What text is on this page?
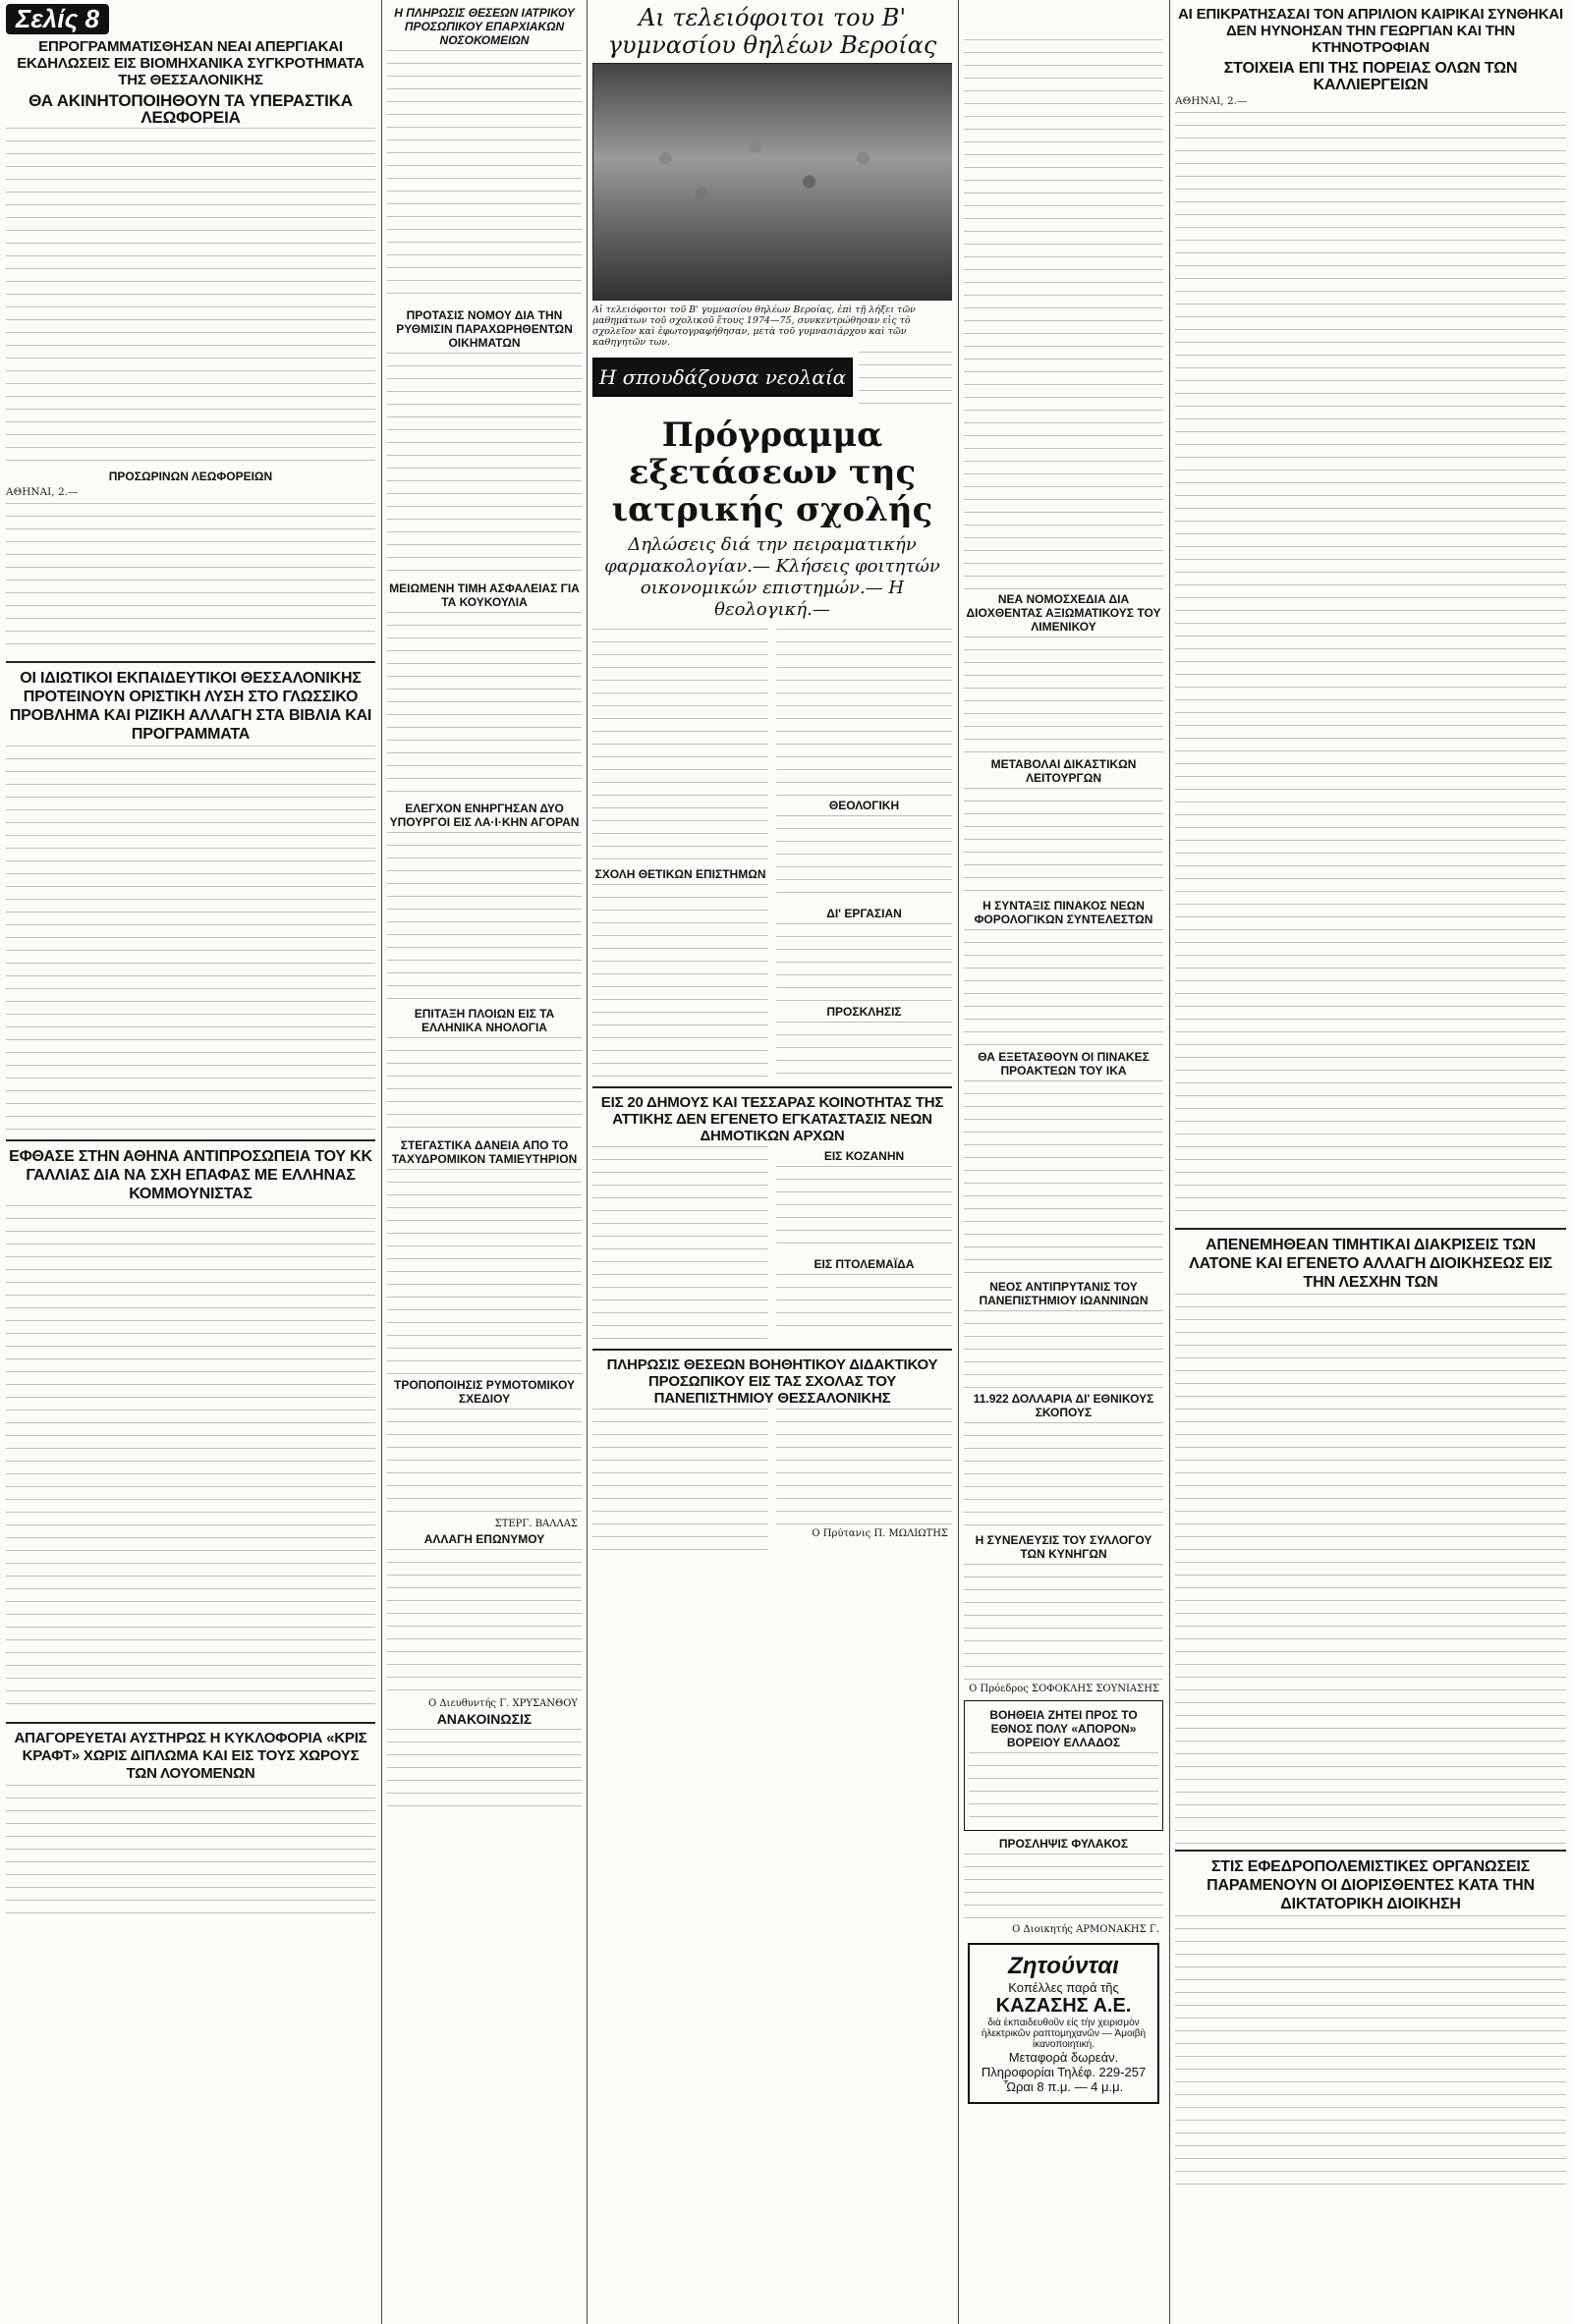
Σελίς 8
ΕΠΡΟΓΡΑΜΜΑΤΙΣΘΗΣΑΝ ΝΕΑΙ ΑΠΕΡΓΙΑΚΑΙ ΕΚΔΗΛΩΣΕΙΣ ΕΙΣ ΒΙΟΜΗΧΑΝΙΚΑ ΣΥΓΚΡΟΤΗΜΑΤΑ ΤΗΣ ΘΕΣΣΑΛΟΝΙΚΗΣ
ΘΑ ΑΚΙΝΗΤΟΠΟΙΗΘΟΥΝ ΤΑ ΥΠΕΡΑΣΤΙΚΑ ΛΕΩΦΟΡΕΙΑ
ΠΡΟΣΩΡΙΝΩΝ ΛΕΩΦΟΡΕΙΩΝ
ΑΘΗΝΑΙ, 2.—
ΟΙ ΙΔΙΩΤΙΚΟΙ ΕΚΠΑΙΔΕΥΤΙΚΟΙ ΘΕΣΣΑΛΟΝΙΚΗΣ ΠΡΟΤΕΙΝΟΥΝ ΟΡΙΣΤΙΚΗ ΛΥΣΗ ΣΤΟ ΓΛΩΣΣΙΚΟ ΠΡΟΒΛΗΜΑ ΚΑΙ ΡΙΖΙΚΗ ΑΛΛΑΓΗ ΣΤΑ ΒΙΒΛΙΑ ΚΑΙ ΠΡΟΓΡΑΜΜΑΤΑ
ΕΦΘΑΣΕ ΣΤΗΝ ΑΘΗΝΑ ΑΝΤΙΠΡΟΣΩΠΕΙΑ ΤΟΥ ΚΚ ΓΑΛΛΙΑΣ ΔΙΑ ΝΑ ΣΧΗ ΕΠΑΦΑΣ ΜΕ ΕΛΛΗΝΑΣ ΚΟΜΜΟΥΝΙΣΤΑΣ
ΑΠΑΓΟΡΕΥΕΤΑΙ ΑΥΣΤΗΡΩΣ Η ΚΥΚΛΟΦΟΡΙΑ «ΚΡΙΣ ΚΡΑΦΤ» ΧΩΡΙΣ ΔΙΠΛΩΜΑ ΚΑΙ ΕΙΣ ΤΟΥΣ ΧΩΡΟΥΣ ΤΩΝ ΛΟΥΟΜΕΝΩΝ
Η ΠΛΗΡΩΣΙΣ ΘΕΣΕΩΝ ΙΑΤΡΙΚΟΥ ΠΡΟΣΩΠΙΚΟΥ ΕΠΑΡΧΙΑΚΩΝ ΝΟΣΟΚΟΜΕΙΩΝ
ΠΡΟΤΑΣΙΣ ΝΟΜΟΥ ΔΙΑ ΤΗΝ ΡΥΘΜΙΣΙΝ ΠΑΡΑΧΩΡΗΘΕΝΤΩΝ ΟΙΚΗΜΑΤΩΝ
ΜΕΙΩΜΕΝΗ ΤΙΜΗ ΑΣΦΑΛΕΙΑΣ ΓΙΑ ΤΑ ΚΟΥΚΟΥΛΙΑ
ΕΛΕΓΧΟΝ ΕΝΗΡΓΗΣΑΝ ΔΥΟ ΥΠΟΥΡΓΟΙ ΕΙΣ ΛΑ·Ι·ΚΗΝ ΑΓΟΡΑΝ
ΕΠΙΤΑΞΗ ΠΛΟΙΩΝ ΕΙΣ ΤΑ ΕΛΛΗΝΙΚΑ ΝΗΟΛΟΓΙΑ
ΣΤΕΓΑΣΤΙΚΑ ΔΑΝΕΙΑ ΑΠΟ ΤΟ ΤΑΧΥΔΡΟΜΙΚΟΝ ΤΑΜΙΕΥΤΗΡΙΟΝ
ΤΡΟΠΟΠΟΙΗΣΙΣ ΡΥΜΟΤΟΜΙΚΟΥ ΣΧΕΔΙΟΥ
ΣΤΕΡΓ. ΒΑΛΛΑΣ
ΑΛΛΑΓΗ ΕΠΩΝΥΜΟΥ
Ο Διευθυντής Γ. ΧΡΥΣΑΝΘΟΥ
ΑΝΑΚΟΙΝΩΣΙΣ
Αι τελειόφοιτοι του Β' γυμνασίου θηλέων Βεροίας
Αἱ τελειόφοιτοι τοῦ Β' γυμνασίου θηλέων Βεροίας, ἐπὶ τῇ λήξει τῶν μαθημάτων τοῦ σχολικοῦ ἔτους 1974—75, συνκεντρώθησαν εἰς τὸ σχολεῖον καὶ ἐφωτογραφήθησαν, μετὰ τοῦ γυμνασιάρχου καὶ τῶν καθηγητῶν των.
Η σπουδάζουσα νεολαία
Πρόγραμμα εξετάσεων της ιατρικής σχολής
Δηλώσεις διά την πειραματικήν φαρμακολογίαν.— Κλήσεις φοιτητών οικονομικών επιστημών.— Η θεολογική.—
ΣΧΟΛΗ ΘΕΤΙΚΩΝ ΕΠΙΣΤΗΜΩΝ
ΘΕΟΛΟΓΙΚΗ
ΔΙ' ΕΡΓΑΣΙΑΝ
ΠΡΟΣΚΛΗΣΙΣ
ΕΙΣ 20 ΔΗΜΟΥΣ ΚΑΙ ΤΕΣΣΑΡΑΣ ΚΟΙΝΟΤΗΤΑΣ ΤΗΣ ΑΤΤΙΚΗΣ ΔΕΝ ΕΓΕΝΕΤΟ ΕΓΚΑΤΑΣΤΑΣΙΣ ΝΕΩΝ ΔΗΜΟΤΙΚΩΝ ΑΡΧΩΝ
ΕΙΣ ΚΟΖΑΝΗΝ
ΕΙΣ ΠΤΟΛΕΜΑΪΔΑ
ΠΛΗΡΩΣΙΣ ΘΕΣΕΩΝ ΒΟΗΘΗΤΙΚΟΥ ΔΙΔΑΚΤΙΚΟΥ ΠΡΟΣΩΠΙΚΟΥ ΕΙΣ ΤΑΣ ΣΧΟΛΑΣ ΤΟΥ ΠΑΝΕΠΙΣΤΗΜΙΟΥ ΘΕΣΣΑΛΟΝΙΚΗΣ
Ο Πρύτανις Π. ΜΩΛΙΩΤΗΣ
ΝΕΑ ΝΟΜΟΣΧΕΔΙΑ ΔΙΑ ΔΙΟΧΘΕΝΤΑΣ ΑΞΙΩΜΑΤΙΚΟΥΣ ΤΟΥ ΛΙΜΕΝΙΚΟΥ
ΜΕΤΑΒΟΛΑΙ ΔΙΚΑΣΤΙΚΩΝ ΛΕΙΤΟΥΡΓΩΝ
Η ΣΥΝΤΑΞΙΣ ΠΙΝΑΚΟΣ ΝΕΩΝ ΦΟΡΟΛΟΓΙΚΩΝ ΣΥΝΤΕΛΕΣΤΩΝ
ΘΑ ΕΞΕΤΑΣΘΟΥΝ ΟΙ ΠΙΝΑΚΕΣ ΠΡΟΑΚΤΕΩΝ ΤΟΥ ΙΚΑ
ΝΕΟΣ ΑΝΤΙΠΡΥΤΑΝΙΣ ΤΟΥ ΠΑΝΕΠΙΣΤΗΜΙΟΥ ΙΩΑΝΝΙΝΩΝ
11.922 ΔΟΛΛΑΡΙΑ ΔΙ' ΕΘΝΙΚΟΥΣ ΣΚΟΠΟΥΣ
Η ΣΥΝΕΛΕΥΣΙΣ ΤΟΥ ΣΥΛΛΟΓΟΥ ΤΩΝ ΚΥΝΗΓΩΝ
Ο Πρόεδρος ΣΟΦΟΚΛΗΣ ΣΟΥΝΙΑΣΗΣ
ΒΟΗΘΕΙΑ ΖΗΤΕΙ ΠΡΟΣ ΤΟ ΕΘΝΟΣ ΠΟΛΥ «ΑΠΟΡΟΝ» ΒΟΡΕΙΟΥ ΕΛΛΑΔΟΣ
ΠΡΟΣΛΗΨΙΣ ΦΥΛΑΚΟΣ
Ο Διοικητής ΑΡΜΟΝΑΚΗΣ Γ.
Ζητούνται
Κοπέλλες παρά τῆς
ΚΑΖΑΣΗΣ Α.Ε.
διὰ ἐκπαιδευθοῦν εἰς τὴν χειρισμὸν ἠλεκτρικῶν ραπτομηχανῶν — Ἀμοιβὴ ἱκανοποιητική.
Μεταφορὰ δωρεάν.
Πληροφορίαι Τηλέφ. 229-257
Ὧραι 8 π.μ. — 4 μ.μ.
ΑΙ ΕΠΙΚΡΑΤΗΣΑΣΑΙ ΤΟΝ ΑΠΡΙΛΙΟΝ ΚΑΙΡΙΚΑΙ ΣΥΝΘΗΚΑΙ ΔΕΝ ΗΥΝΟΗΣΑΝ ΤΗΝ ΓΕΩΡΓΙΑΝ ΚΑΙ ΤΗΝ ΚΤΗΝΟΤΡΟΦΙΑΝ
ΣΤΟΙΧΕΙΑ ΕΠΙ ΤΗΣ ΠΟΡΕΙΑΣ ΟΛΩΝ ΤΩΝ ΚΑΛΛΙΕΡΓΕΙΩΝ
ΑΘΗΝΑΙ, 2.—
ΑΠΕΝΕΜΗΘΕΑΝ ΤΙΜΗΤΙΚΑΙ ΔΙΑΚΡΙΣΕΙΣ ΤΩΝ ΛΑΤΟΝΕ ΚΑΙ ΕΓΕΝΕΤΟ ΑΛΛΑΓΗ ΔΙΟΙΚΗΣΕΩΣ ΕΙΣ ΤΗΝ ΛΕΣΧΗΝ ΤΩΝ
ΣΤΙΣ ΕΦΕΔΡΟΠΟΛΕΜΙΣΤΙΚΕΣ ΟΡΓΑΝΩΣΕΙΣ ΠΑΡΑΜΕΝΟΥΝ ΟΙ ΔΙΟΡΙΣΘΕΝΤΕΣ ΚΑΤΑ ΤΗΝ ΔΙΚΤΑΤΟΡΙΚΗ ΔΙΟΙΚΗΣΗ
